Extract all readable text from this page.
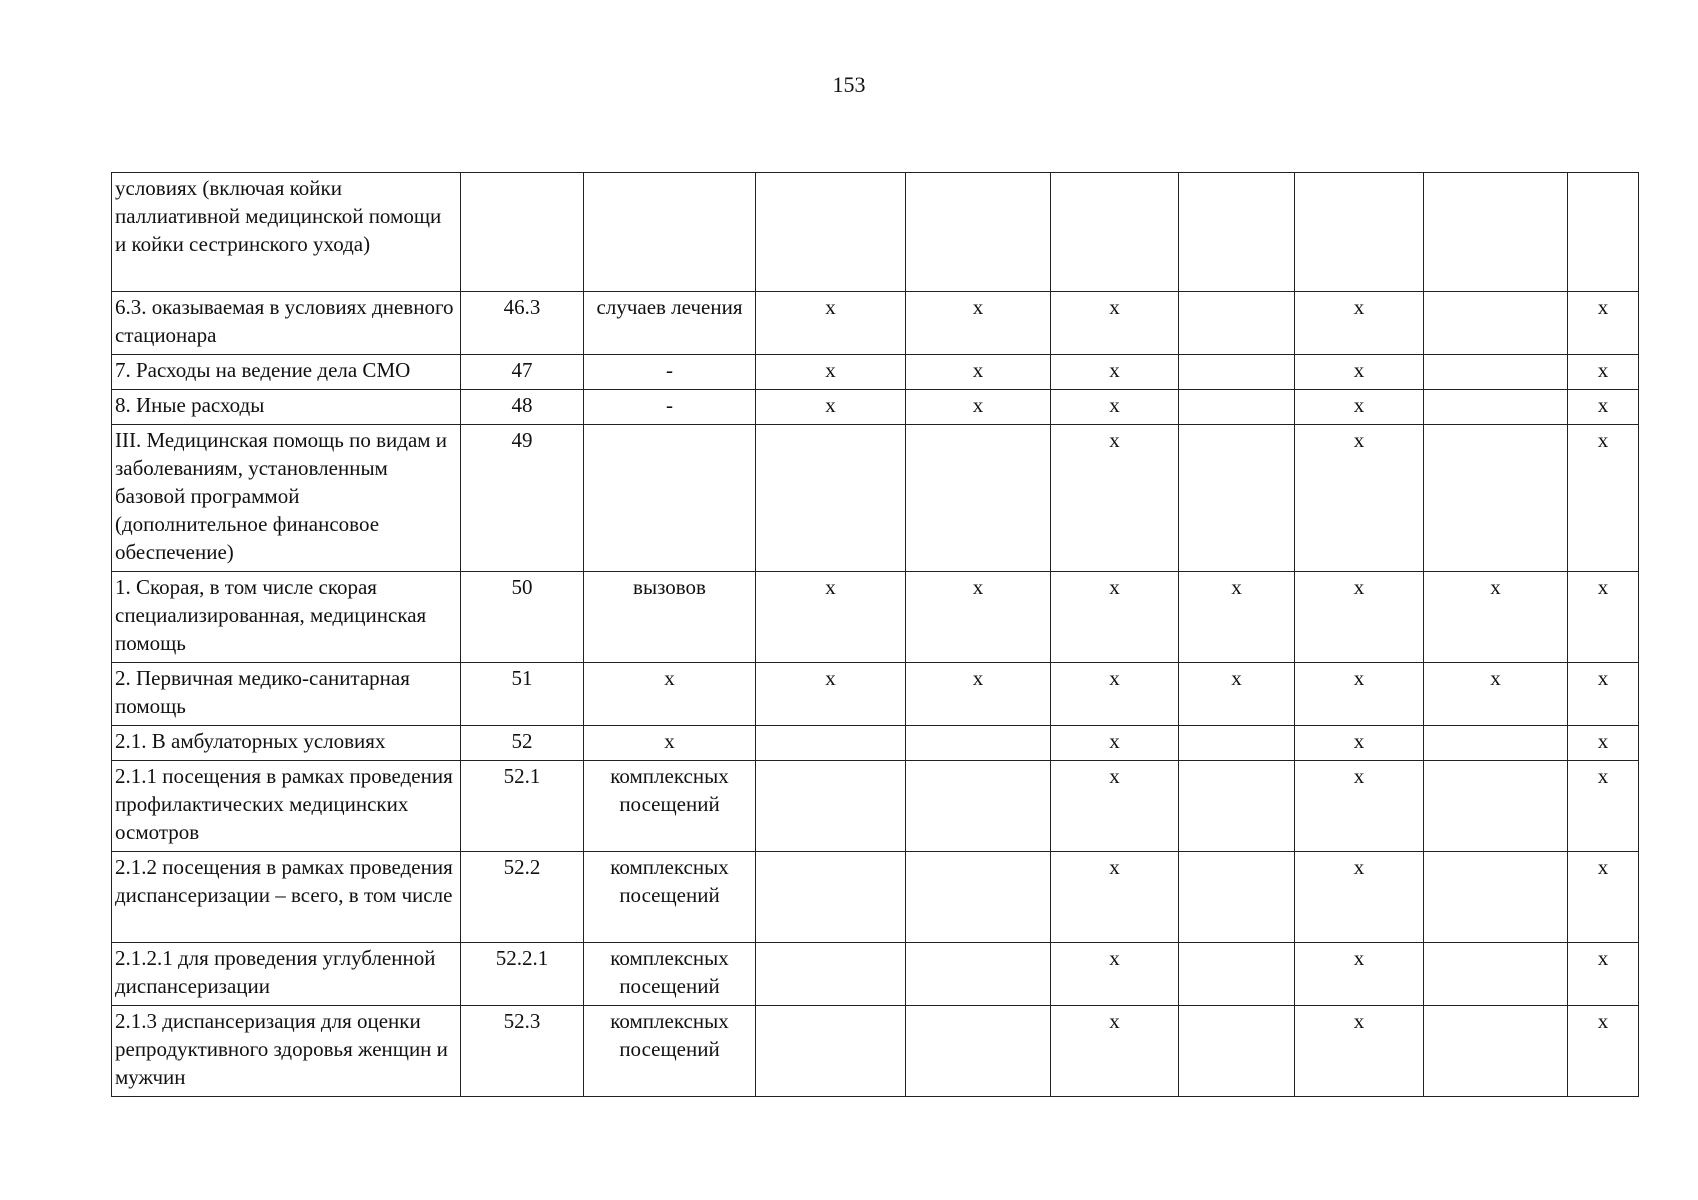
153
условиях (включая койки паллиативной медицинской помощи и койки сестринского ухода)									
6.3. оказываемая в условиях дневного стационара	46.3	случаев лечения	х	х	х		х		х
7. Расходы на ведение дела СМО	47	-	х	х	х		х		х
8. Иные расходы	48	-	х	х	х		х		х
III. Медицинская помощь по видам и заболеваниям, установленным базовой программой (дополнительное финансовое обеспечение)	49				х		х		х
1. Скорая, в том числе скорая специализированная, медицинская помощь	50	вызовов	х	х	х	х	х	х	х
2. Первичная медико-санитарная помощь	51	х	х	х	х	х	х	х	х
2.1. В амбулаторных условиях	52	х			х		х		х
2.1.1 посещения в рамках проведения профилактических медицинских осмотров	52.1	комплексных посещений			х		х		х
2.1.2 посещения в рамках проведения диспансеризации – всего, в том числе	52.2	комплексных посещений			х		х		х
2.1.2.1 для проведения углубленной диспансеризации	52.2.1	комплексных посещений			х		х		х
2.1.3 диспансеризация для оценки репродуктивного здоровья женщин и мужчин	52.3	комплексных посещений			х		х		х
